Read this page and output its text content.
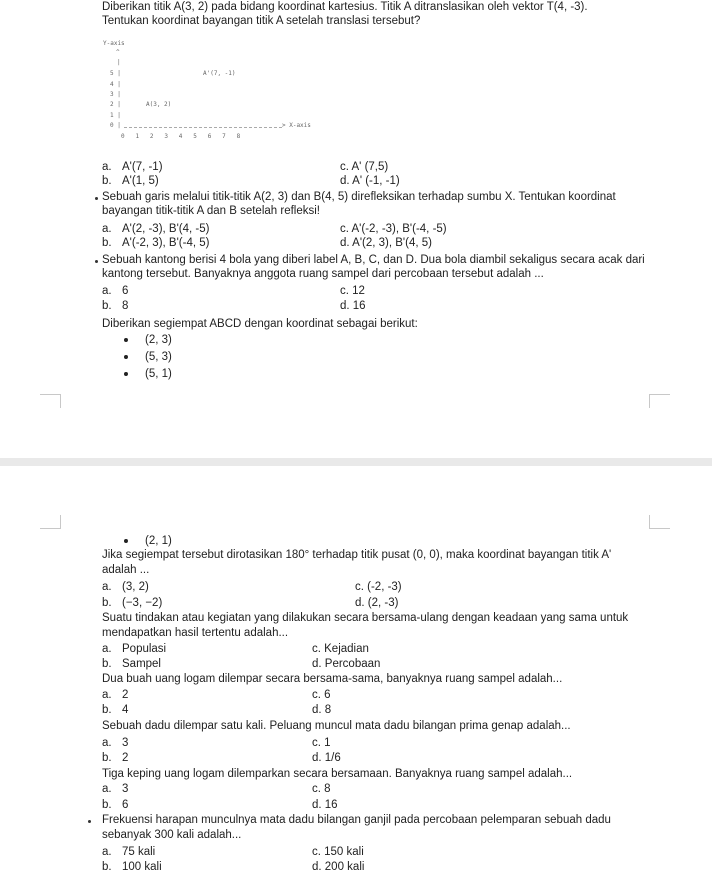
Diberikan titik A(3, 2) pada bidang koordinat kartesius. Titik A ditranslasikan oleh vektor T(4, -3).
Tentukan koordinat bayangan titik A setelah translasi tersebut?
Y-axis
^
|
5 |
4 |
3 |
2 |
1 |
0 |	> X-axis
0   1   2   3   4   5   6   7   8
A'(7, -1)
A(3, 2)
a. A'(7, -1)
b. A'(1, 5)
c. A' (7,5)
d. A' (-1, -1)
Sebuah garis melalui titik-titik A(2, 3) dan B(4, 5) direfleksikan terhadap sumbu X. Tentukan koordinat
bayangan titik-titik A dan B setelah refleksi!
a. A'(2, -3), B'(4, -5)
b. A'(-2, 3), B'(-4, 5)
c. A'(-2, -3), B'(-4, -5)
d. A'(2, 3), B'(4, 5)
Sebuah kantong berisi 4 bola yang diberi label A, B, C, dan D. Dua bola diambil sekaligus secara acak dari
kantong tersebut. Banyaknya anggota ruang sampel dari percobaan tersebut adalah ...
a. 6
b. 8
c. 12
d. 16
Diberikan segiempat ABCD dengan koordinat sebagai berikut:
(2, 3)
(5, 3)
(5, 1)
(2, 1)
Jika segiempat tersebut dirotasikan 180° terhadap titik pusat (0, 0), maka koordinat bayangan titik A'
adalah ...
a. (3, 2)
b. (−3, −2)
c. (-2, -3)
d. (2, -3)
Suatu tindakan atau kegiatan yang dilakukan secara bersama-ulang dengan keadaan yang sama untuk
mendapatkan hasil tertentu adalah...
a. Populasi
b. Sampel
c. Kejadian
d. Percobaan
Dua buah uang logam dilempar secara bersama-sama, banyaknya ruang sampel adalah...
a. 2
b. 4
c. 6
d. 8
Sebuah dadu dilempar satu kali. Peluang muncul mata dadu bilangan prima genap adalah...
a. 3
b. 2
c. 1
d. 1/6
Tiga keping uang logam dilemparkan secara bersamaan. Banyaknya ruang sampel adalah...
a. 3
b. 6
c. 8
d. 16
Frekuensi harapan munculnya mata dadu bilangan ganjil pada percobaan pelemparan sebuah dadu
sebanyak 300 kali adalah...
a. 75 kali
b. 100 kali
c. 150 kali
d. 200 kali
